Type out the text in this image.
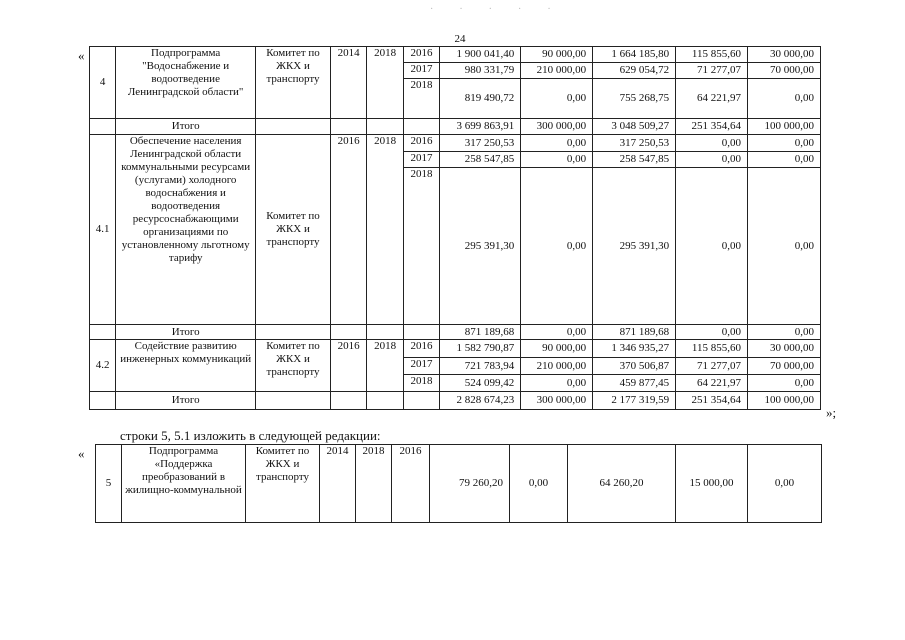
·····
24
«
4	Подпрограмма "Водоснабжение и водоотведение Ленинградской области"	Комитет по ЖКХ и транспорту	2014	2018	2016	1 900 041,40	90 000,00	1 664 185,80	115 855,60	30 000,00
					2017	980 331,79	210 000,00	629 054,72	71 277,07	70 000,00
					2018	819 490,72	0,00	755 268,75	64 221,97	0,00
	Итого					3 699 863,91	300 000,00	3 048 509,27	251 354,64	100 000,00
4.1	Обеспечение населения Ленинградской области коммунальными ресурсами (услугами) холодного водоснабжения и водоотведения ресурсоснабжающими организациями по установленному льготному тарифу	Комитет по ЖКХ и транспорту	2016	2018	2016	317 250,53	0,00	317 250,53	0,00	0,00
					2017	258 547,85	0,00	258 547,85	0,00	0,00
					2018	295 391,30	0,00	295 391,30	0,00	0,00
	Итого					871 189,68	0,00	871 189,68	0,00	0,00
4.2	Содействие развитию инженерных коммуникаций	Комитет по ЖКХ и транспорту	2016	2018	2016	1 582 790,87	90 000,00	1 346 935,27	115 855,60	30 000,00
					2017	721 783,94	210 000,00	370 506,87	71 277,07	70 000,00
					2018	524 099,42	0,00	459 877,45	64 221,97	0,00
	Итого					2 828 674,23	300 000,00	2 177 319,59	251 354,64	100 000,00
»;
строки 5, 5.1 изложить в следующей редакции:
«
5	Подпрограмма «Поддержка преобразований в жилищно-коммунальной	Комитет по ЖКХ и транспорту	2014	2018	2016	79 260,20	0,00	64 260,20	15 000,00	0,00
